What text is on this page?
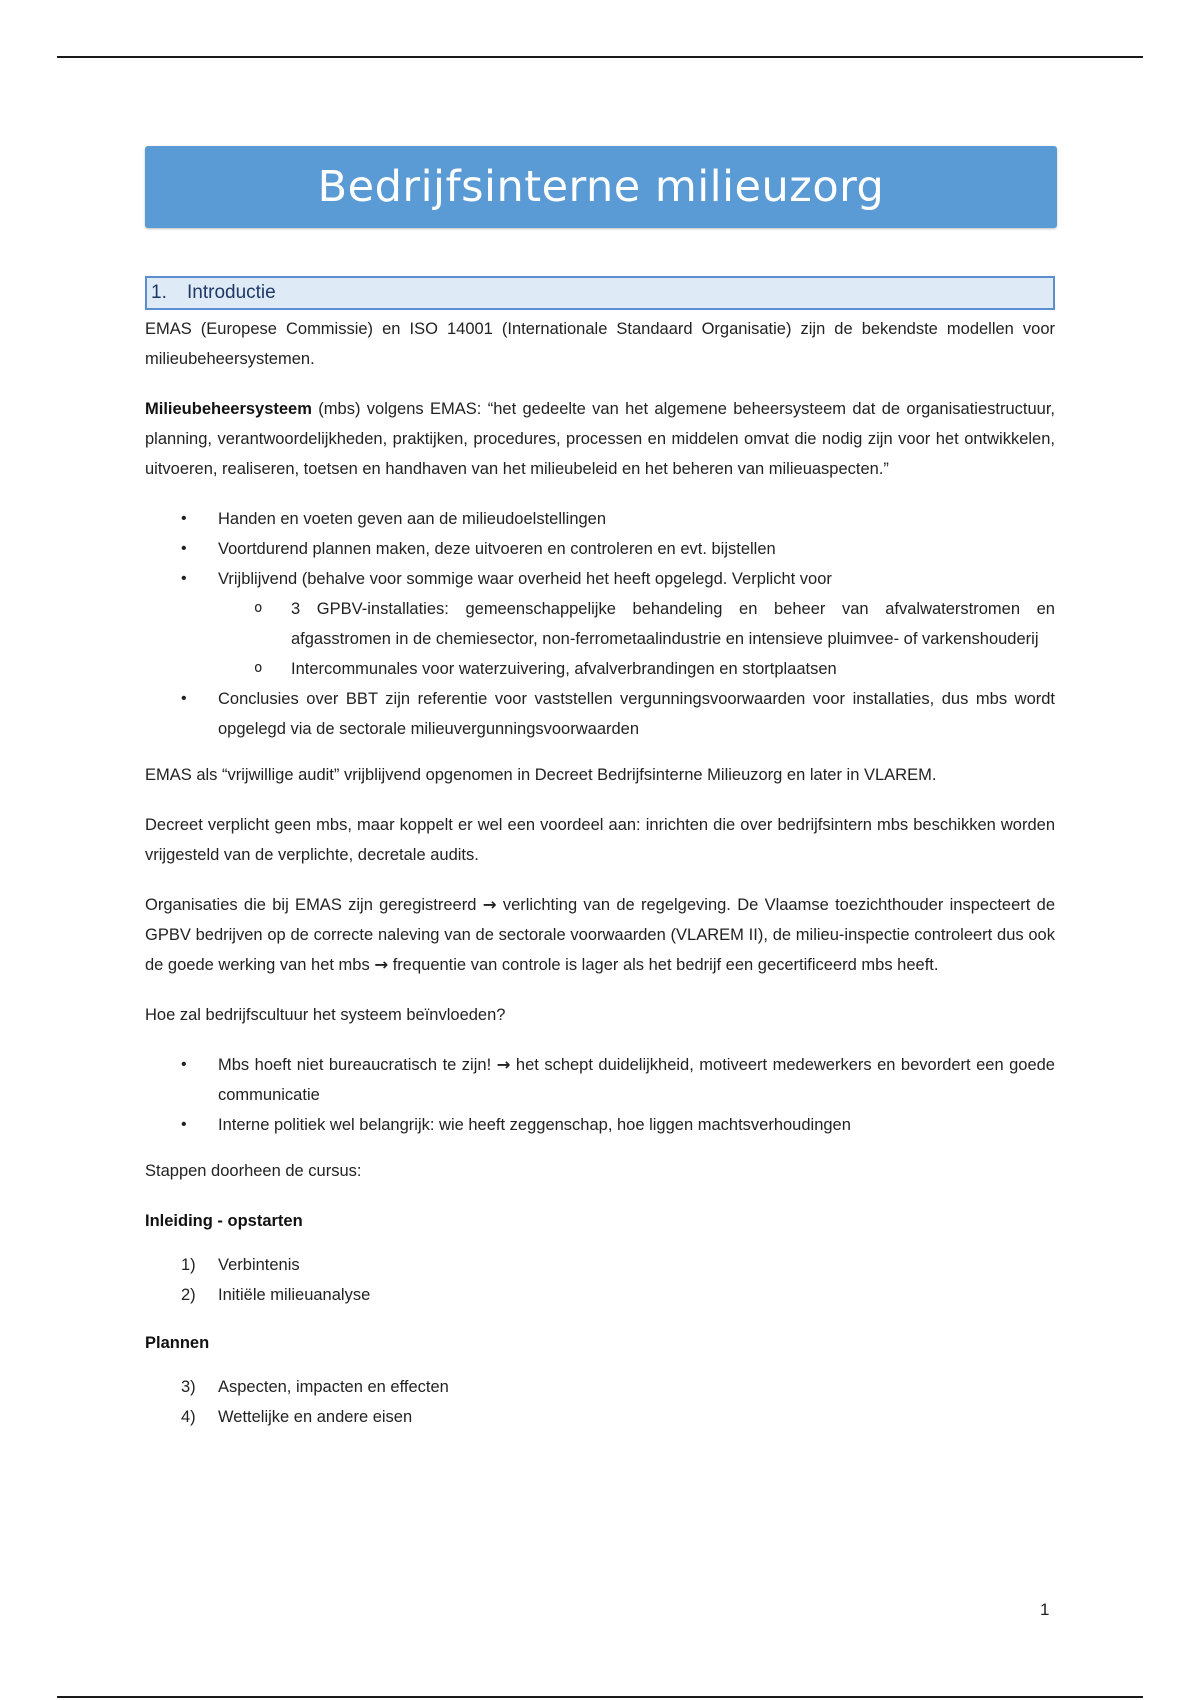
Bedrijfsinterne milieuzorg
1.	Introductie

EMAS (Europese Commissie) en ISO 14001 (Internationale Standaard Organisatie) zijn de bekendste modellen voor milieubeheersystemen.

Milieubeheersysteem (mbs) volgens EMAS: “het gedeelte van het algemene beheersysteem dat de organisatiestructuur, planning, verantwoordelijkheden, praktijken, procedures, processen en middelen omvat die nodig zijn voor het ontwikkelen, uitvoeren, realiseren, toetsen en handhaven van het milieubeleid en het beheren van milieuaspecten.”

• Handen en voeten geven aan de milieudoelstellingen
• Voortdurend plannen maken, deze uitvoeren en controleren en evt. bijstellen
• Vrijblijvend (behalve voor sommige waar overheid het heeft opgelegd. Verplicht voor
o 3 GPBV-installaties: gemeenschappelijke behandeling en beheer van afvalwaterstromen en afgasstromen in de chemiesector, non-ferrometaalindustrie en intensieve pluimvee- of varkenshouderij
o Intercommunales voor waterzuivering, afvalverbrandingen en stortplaatsen
• Conclusies over BBT zijn referentie voor vaststellen vergunningsvoorwaarden voor installaties, dus mbs wordt opgelegd via de sectorale milieuvergunningsvoorwaarden

EMAS als “vrijwillige audit” vrijblijvend opgenomen in Decreet Bedrijfsinterne Milieuzorg en later in VLAREM.

Decreet verplicht geen mbs, maar koppelt er wel een voordeel aan: inrichten die over bedrijfsintern mbs beschikken worden vrijgesteld van de verplichte, decretale audits.

Organisaties die bij EMAS zijn geregistreerd → verlichting van de regelgeving. De Vlaamse toezichthouder inspecteert de GPBV bedrijven op de correcte naleving van de sectorale voorwaarden (VLAREM II), de milieu-inspectie controleert dus ook de goede werking van het mbs → frequentie van controle is lager als het bedrijf een gecertificeerd mbs heeft.

Hoe zal bedrijfscultuur het systeem beïnvloeden?

• Mbs hoeft niet bureaucratisch te zijn! → het schept duidelijkheid, motiveert medewerkers en bevordert een goede communicatie
• Interne politiek wel belangrijk: wie heeft zeggenschap, hoe liggen machtsverhoudingen

Stappen doorheen de cursus:

Inleiding - opstarten

1) Verbintenis
2) Initiële milieuanalyse

Plannen

3) Aspecten, impacten en effecten
4) Wettelijke en andere eisen
1
